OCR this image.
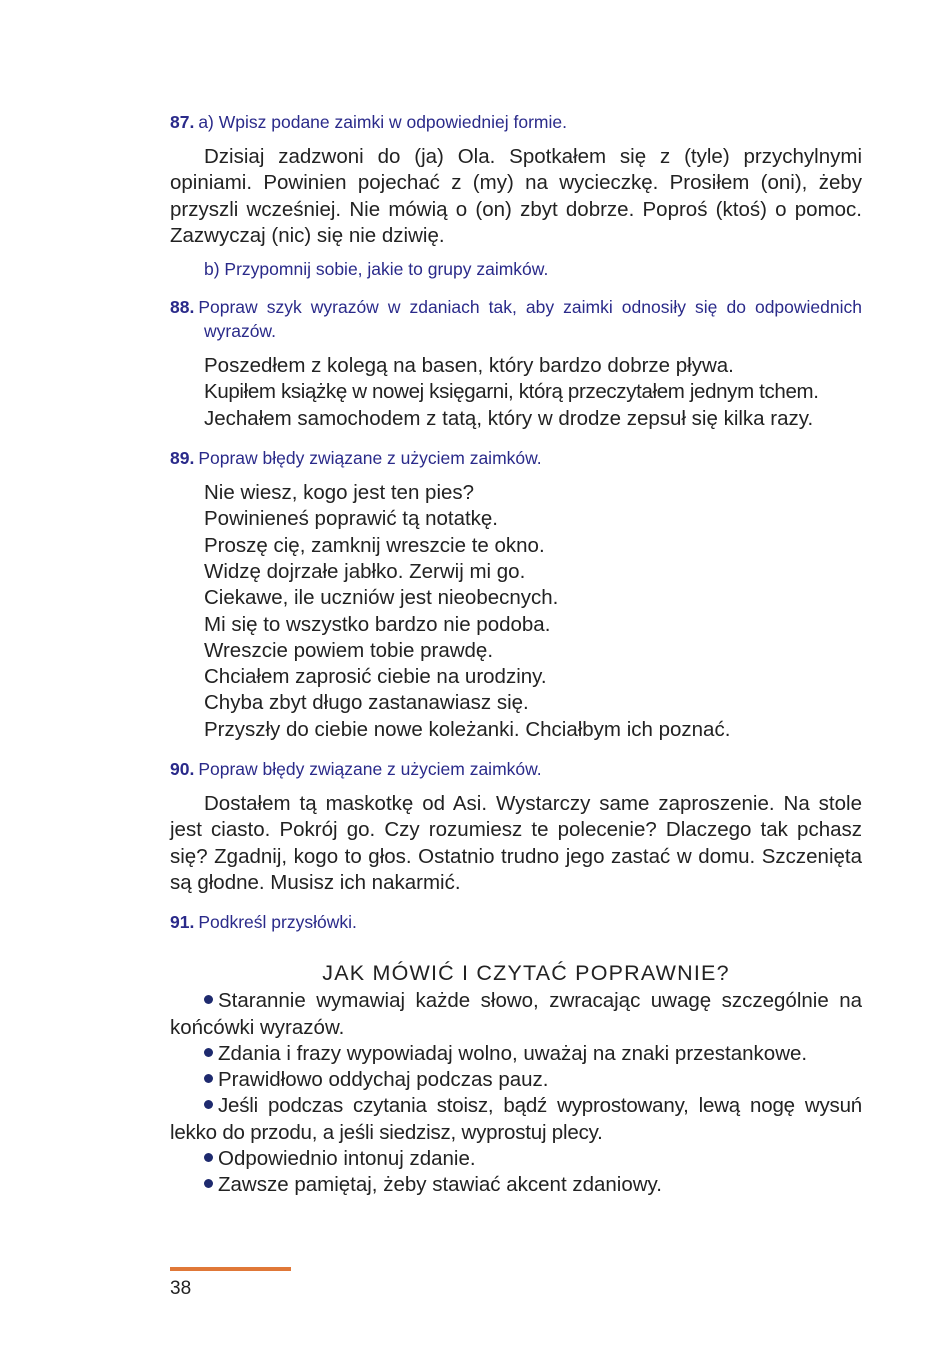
87. a) Wpisz podane zaimki w odpowiedniej formie.

Dzisiaj zadzwoni do (ja) Ola. Spotkałem się z (tyle) przychylnymi opiniami. Powinien pojechać z (my) na wycieczkę. Prosiłem (oni), żeby przyszli wcześniej. Nie mówią o (on) zbyt dobrze. Poproś (ktoś) o pomoc. Zazwyczaj (nic) się nie dziwię.

b) Przypomnij sobie, jakie to grupy zaimków.

88. Popraw szyk wyrazów w zdaniach tak, aby zaimki odnosiły się do odpowiednich wyrazów.
Poszedłem z kolegą na basen, który bardzo dobrze pływa.
Kupiłem książkę w nowej księgarni, którą przeczytałem jednym tchem.
Jechałem samochodem z tatą, który w drodze zepsuł się kilka razy.
89. Popraw błędy związane z użyciem zaimków.
Nie wiesz, kogo jest ten pies?
Powinieneś poprawić tą notatkę.
Proszę cię, zamknij wreszcie te okno.
Widzę dojrzałe jabłko. Zerwij mi go.
Ciekawe, ile uczniów jest nieobecnych.
Mi się to wszystko bardzo nie podoba.
Wreszcie powiem tobie prawdę.
Chciałem zaprosić ciebie na urodziny.
Chyba zbyt długo zastanawiasz się.
Przyszły do ciebie nowe koleżanki. Chciałbym ich poznać.
90. Popraw błędy związane z użyciem zaimków.

Dostałem tą maskotkę od Asi. Wystarczy same zaproszenie. Na stole jest ciasto. Pokrój go. Czy rozumiesz te polecenie? Dlaczego tak pchasz się? Zgadnij, kogo to głos. Ostatnio trudno jego zastać w domu. Szczenięta są głodne. Musisz ich nakarmić.

91. Podkreśl przysłówki.
JAK MÓWIĆ I CZYTAĆ POPRAWNIE?

Starannie wymawiaj każde słowo, zwracając uwagę szczególnie na końcówki wyrazów.

Zdania i frazy wypowiadaj wolno, uważaj na znaki przestankowe.

Prawidłowo oddychaj podczas pauz.

Jeśli podczas czytania stoisz, bądź wyprostowany, lewą nogę wysuń lekko do przodu, a jeśli siedzisz, wyprostuj plecy.

Odpowiednio intonuj zdanie.

Zawsze pamiętaj, żeby stawiać akcent zdaniowy.

38
